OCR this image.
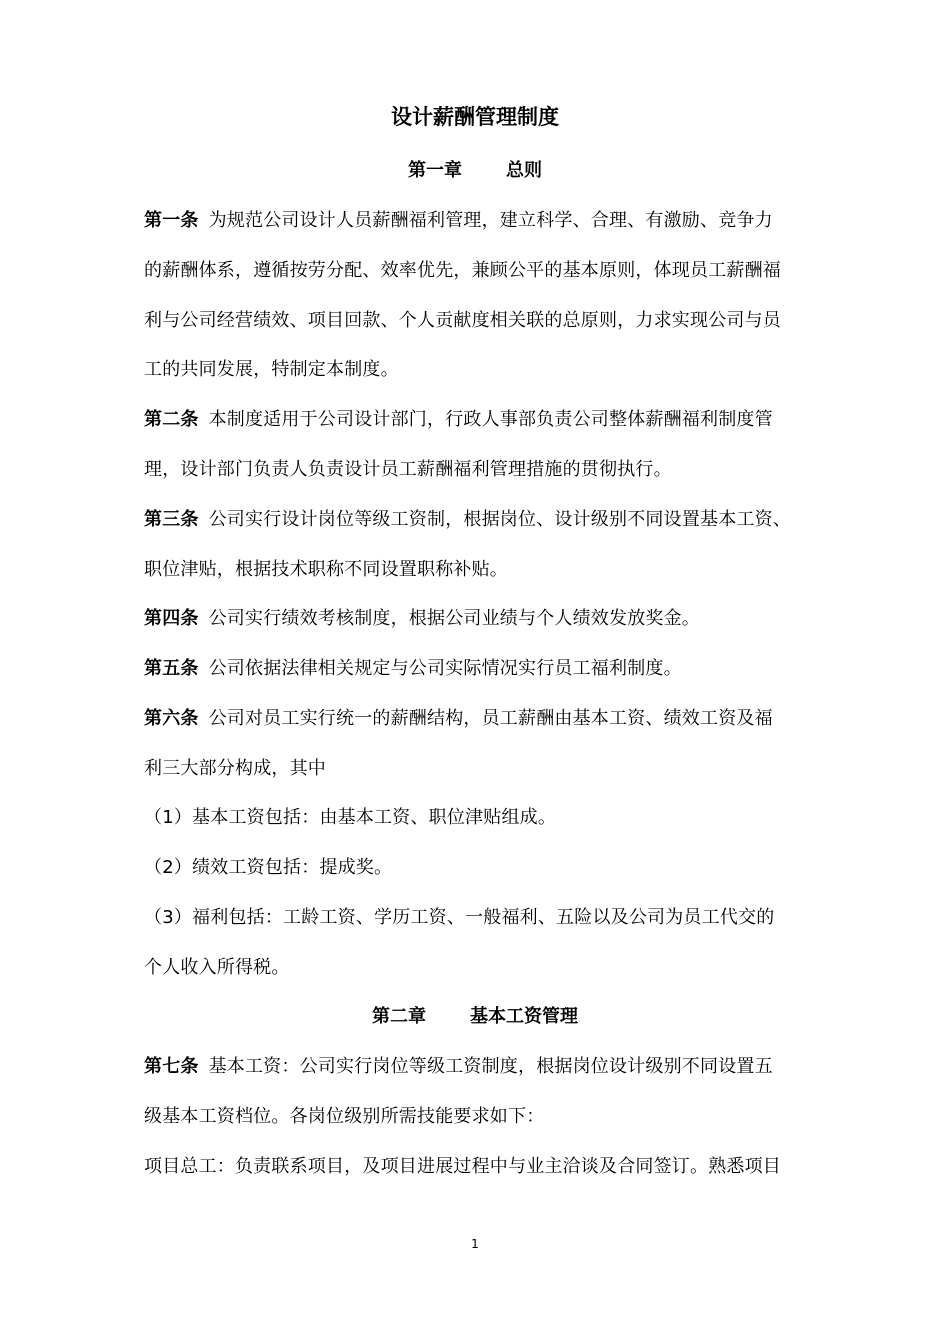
设计薪酬管理制度
第一章 总则
第一条 为规范公司设计人员薪酬福利管理，建立科学、合理、有激励、竞争力
的薪酬体系，遵循按劳分配、效率优先，兼顾公平的基本原则，体现员工薪酬福
利与公司经营绩效、项目回款、个人贡献度相关联的总原则，力求实现公司与员
工的共同发展，特制定本制度。
第二条 本制度适用于公司设计部门，行政人事部负责公司整体薪酬福利制度管
理，设计部门负责人负责设计员工薪酬福利管理措施的贯彻执行。
第三条 公司实行设计岗位等级工资制，根据岗位、设计级别不同设置基本工资、
职位津贴，根据技术职称不同设置职称补贴。
第四条 公司实行绩效考核制度，根据公司业绩与个人绩效发放奖金。
第五条 公司依据法律相关规定与公司实际情况实行员工福利制度。
第六条 公司对员工实行统一的薪酬结构，员工薪酬由基本工资、绩效工资及福
利三大部分构成，其中
（1）基本工资包括：由基本工资、职位津贴组成。
（2）绩效工资包括：提成奖。
（3）福利包括：工龄工资、学历工资、一般福利、五险以及公司为员工代交的
个人收入所得税。
第二章 基本工资管理
第七条 基本工资：公司实行岗位等级工资制度，根据岗位设计级别不同设置五
级基本工资档位。各岗位级别所需技能要求如下：
项目总工：负责联系项目，及项目进展过程中与业主洽谈及合同签订。熟悉项目
1
